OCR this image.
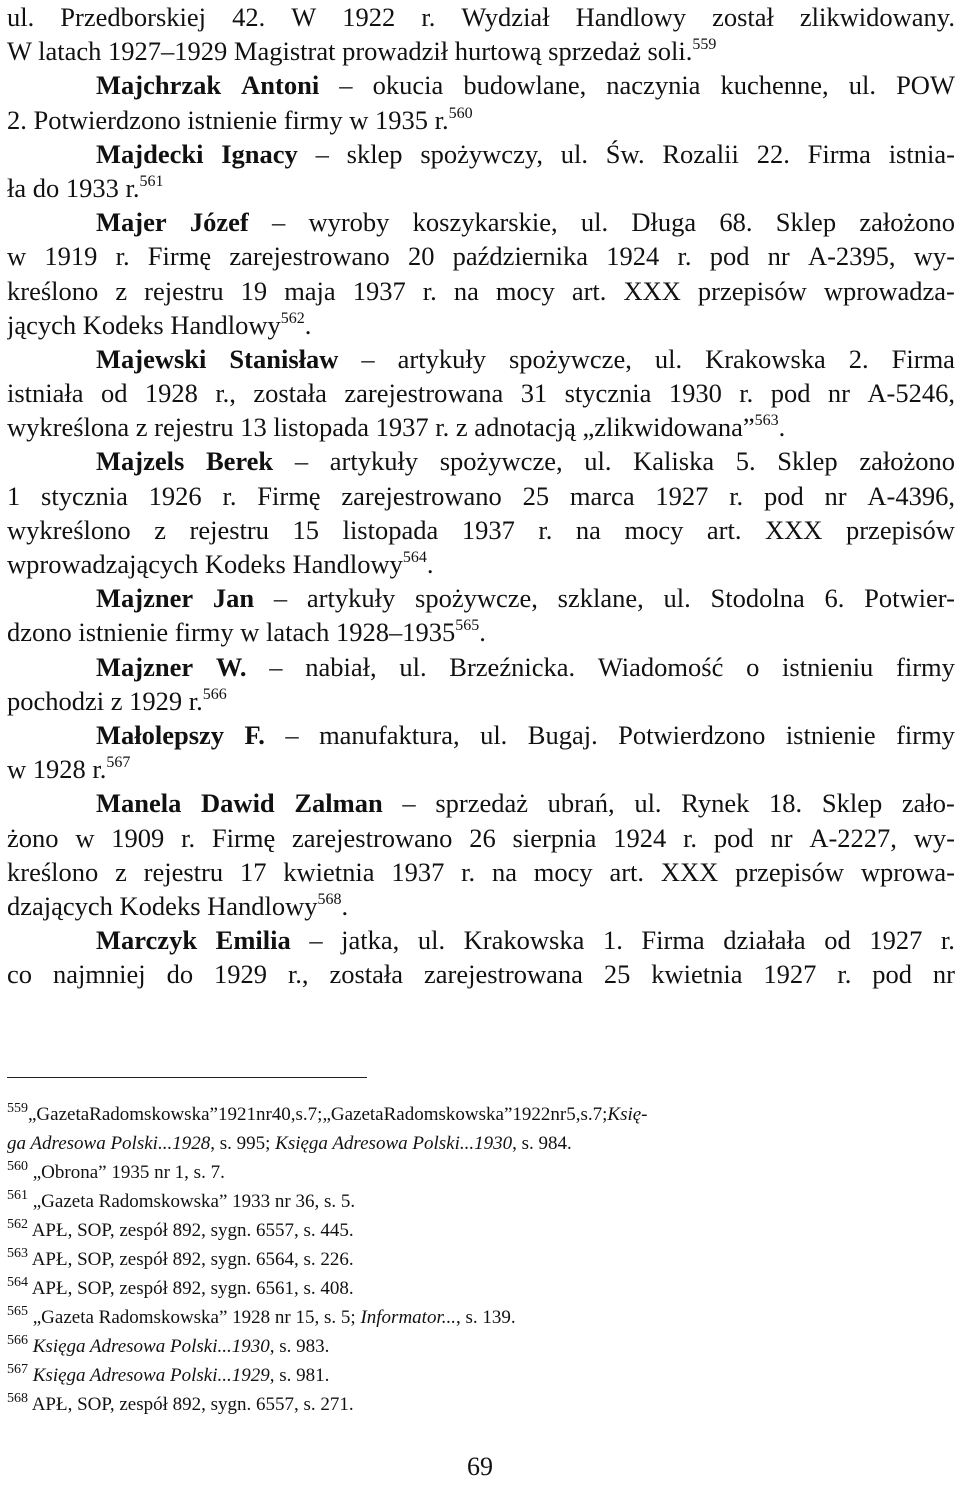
ul. Przedborskiej 42. W 1922 r. Wydział Handlowy został zlikwidowany.
W latach 1927–1929 Magistrat prowadził hurtową sprzedaż soli.$^{559}$
Majchrzak Antoni – okucia budowlane, naczynia kuchenne, ul. POW
2. Potwierdzono istnienie firmy w 1935 r.$^{560}$
Majdecki Ignacy – sklep spożywczy, ul. Św. Rozalii 22. Firma istnia-
ła do 1933 r.$^{561}$
Majer Józef – wyroby koszykarskie, ul. Długa 68. Sklep założono
w 1919 r. Firmę zarejestrowano 20 października 1924 r. pod nr A-2395, wy-
kreślono z rejestru 19 maja 1937 r. na mocy art. XXX przepisów wprowadza-
jących Kodeks Handlowy$^{562}$.
Majewski Stanisław – artykuły spożywcze, ul. Krakowska 2. Firma
istniała od 1928 r., została zarejestrowana 31 stycznia 1930 r. pod nr A-5246,
wykreślona z rejestru 13 listopada 1937 r. z adnotacją „zlikwidowana”$^{563}$.
Majzels Berek – artykuły spożywcze, ul. Kaliska 5. Sklep założono
1 stycznia 1926 r. Firmę zarejestrowano 25 marca 1927 r. pod nr A-4396,
wykreślono z rejestru 15 listopada 1937 r. na mocy art. XXX przepisów
wprowadzających Kodeks Handlowy$^{564}$.
Majzner Jan – artykuły spożywcze, szklane, ul. Stodolna 6. Potwier-
dzono istnienie firmy w latach 1928–1935$^{565}$.
Majzner W. – nabiał, ul. Brzeźnicka. Wiadomość o istnieniu firmy
pochodzi z 1929 r.$^{566}$
Małolepszy F. – manufaktura, ul. Bugaj. Potwierdzono istnienie firmy
w 1928 r.$^{567}$
Manela Dawid Zalman – sprzedaż ubrań, ul. Rynek 18. Sklep zało-
żono w 1909 r. Firmę zarejestrowano 26 sierpnia 1924 r. pod nr A-2227, wy-
kreślono z rejestru 17 kwietnia 1937 r. na mocy art. XXX przepisów wprowa-
dzających Kodeks Handlowy$^{568}$.
Marczyk Emilia – jatka, ul. Krakowska 1. Firma działała od 1927 r.
co najmniej do 1929 r., została zarejestrowana 25 kwietnia 1927 r. pod nr
559„GazetaRadomskowska”1921nr40,s.7;„GazetaRadomskowska”1922nr5,s.7;Księ-
ga Adresowa Polski...1928, s. 995; Księga Adresowa Polski...1930, s. 984.
$^{560}$ „Obrona” 1935 nr 1, s. 7.
$^{561}$ „Gazeta Radomskowska” 1933 nr 36, s. 5.
$^{562}$ APŁ, SOP, zespół 892, sygn. 6557, s. 445.
$^{563}$ APŁ, SOP, zespół 892, sygn. 6564, s. 226.
$^{564}$ APŁ, SOP, zespół 892, sygn. 6561, s. 408.
$^{565}$ „Gazeta Radomskowska” 1928 nr 15, s. 5; Informator..., s. 139.
$^{566}$ Księga Adresowa Polski...1930, s. 983.
$^{567}$ Księga Adresowa Polski...1929, s. 981.
$^{568}$ APŁ, SOP, zespół 892, sygn. 6557, s. 271.
69
